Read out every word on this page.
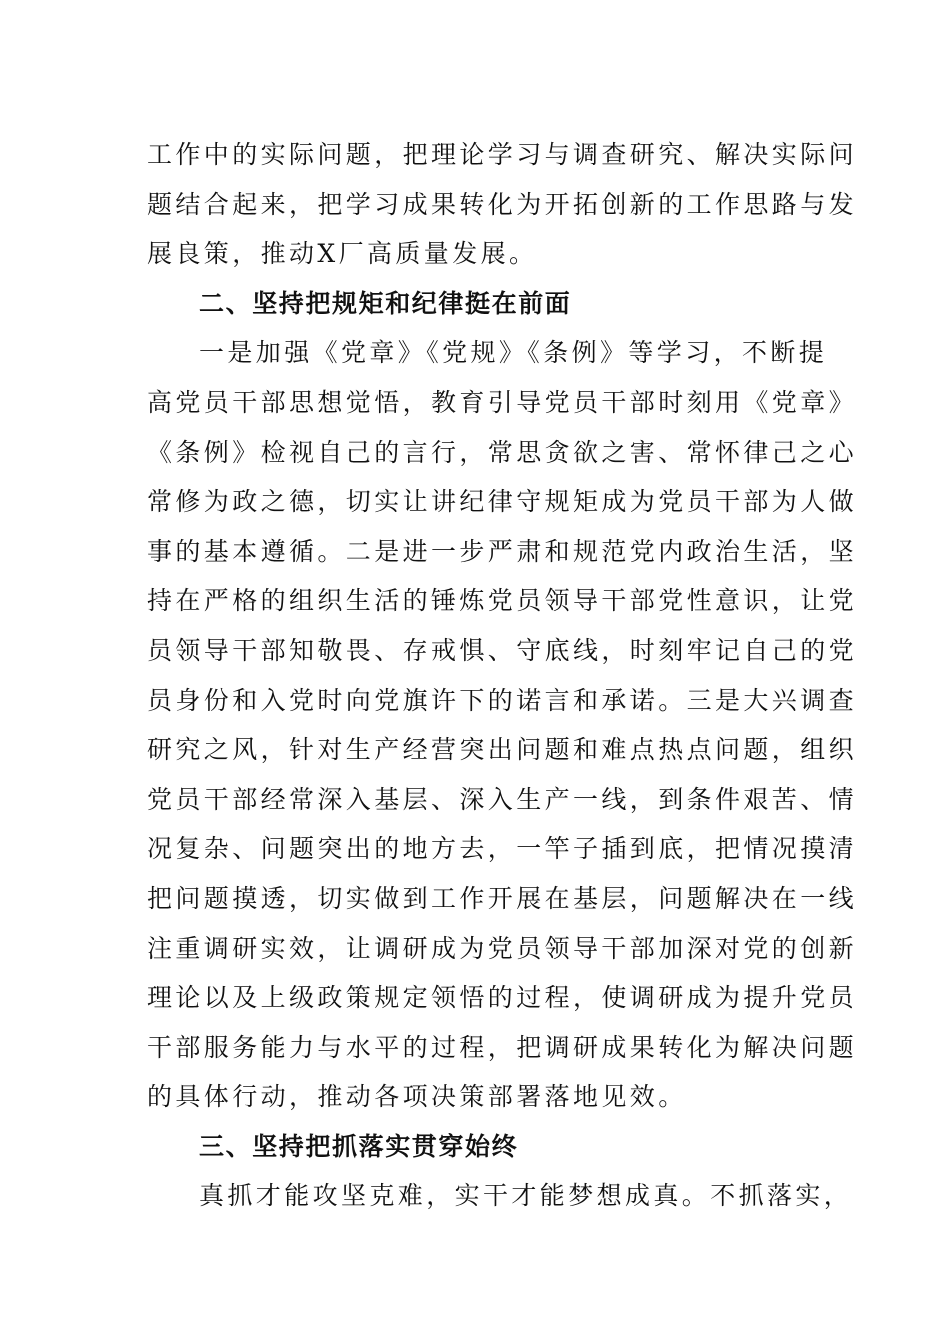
工作中的实际问题，把理论学习与调查研究、解决实际问
题结合起来，把学习成果转化为开拓创新的工作思路与发
展良策，推动X厂高质量发展。

二、坚持把规矩和纪律挺在前面

一是加强《党章》《党规》《条例》等学习，不断提
高党员干部思想觉悟，教育引导党员干部时刻用《党章》
《条例》检视自己的言行，常思贪欲之害、常怀律己之心
常修为政之德，切实让讲纪律守规矩成为党员干部为人做
事的基本遵循。二是进一步严肃和规范党内政治生活，坚
持在严格的组织生活的锤炼党员领导干部党性意识，让党
员领导干部知敬畏、存戒惧、守底线，时刻牢记自己的党
员身份和入党时向党旗许下的诺言和承诺。三是大兴调查
研究之风，针对生产经营突出问题和难点热点问题，组织
党员干部经常深入基层、深入生产一线，到条件艰苦、情
况复杂、问题突出的地方去，一竿子插到底，把情况摸清
把问题摸透，切实做到工作开展在基层，问题解决在一线
注重调研实效，让调研成为党员领导干部加深对党的创新
理论以及上级政策规定领悟的过程，使调研成为提升党员
干部服务能力与水平的过程，把调研成果转化为解决问题
的具体行动，推动各项决策部署落地见效。

三、坚持把抓落实贯穿始终

真抓才能攻坚克难，实干才能梦想成真。不抓落实，
